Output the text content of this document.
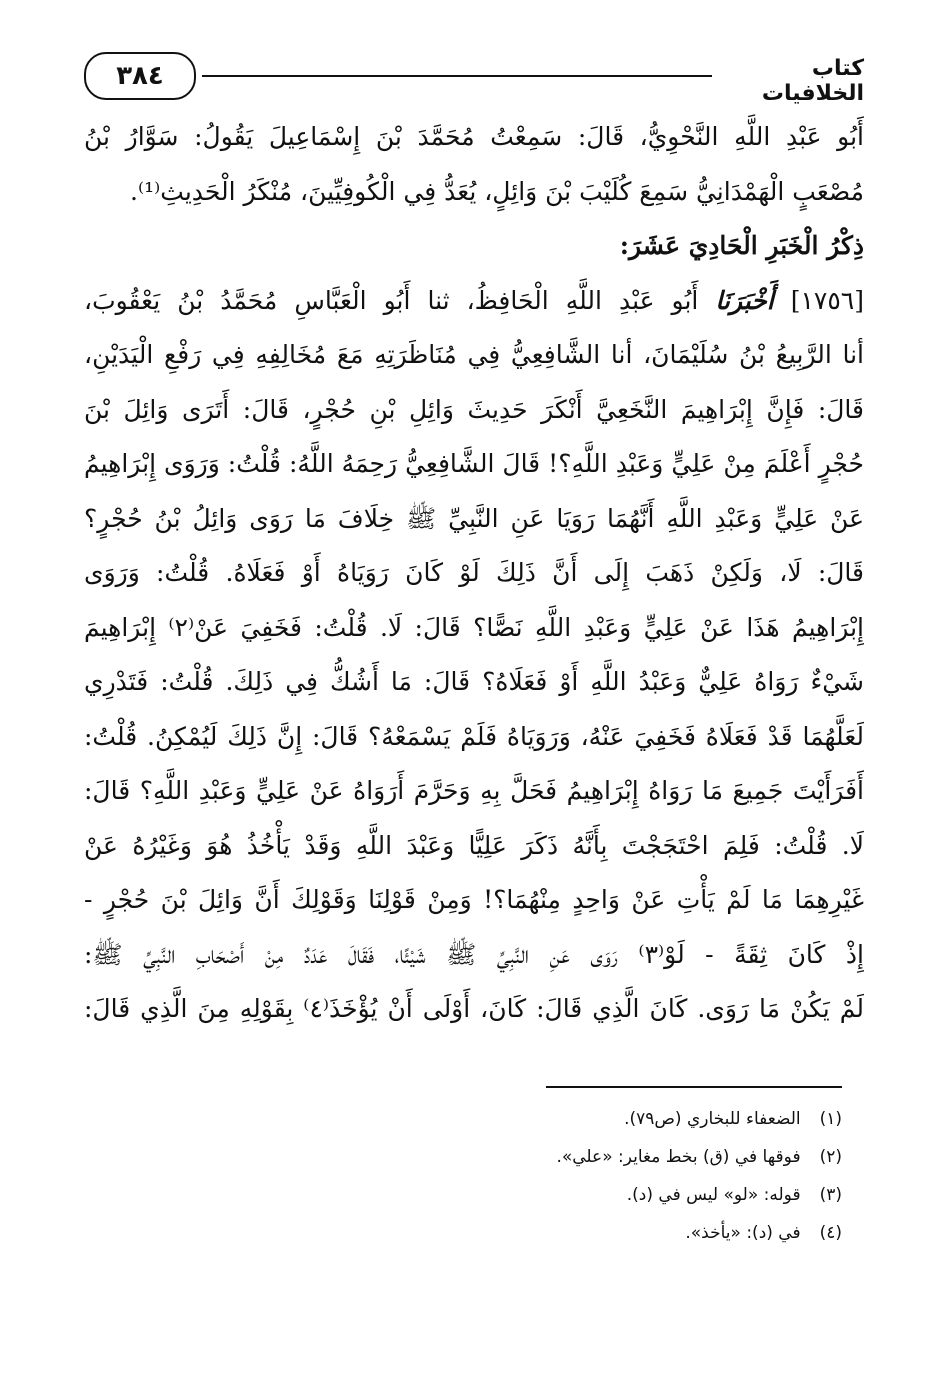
٣٨٤	كتاب الخلافيات
أَبُو عَبْدِ اللَّهِ النَّحْوِيُّ، قَالَ: سَمِعْتُ مُحَمَّدَ بْنَ إِسْمَاعِيلَ يَقُولُ: سَوَّارُ بْنُ
مُصْعَبٍ الْهَمْدَانِيُّ سَمِعَ كُلَيْبَ بْنَ وَائِلٍ، يُعَدُّ فِي الْكُوفِيِّينَ، مُنْكَرُ الْحَدِيثِ⁽¹⁾.
ذِكْرُ الْخَبَرِ الْحَادِيَ عَشَرَ:
[١٧٥٦] أَخْبَرَنَا أَبُو عَبْدِ اللَّهِ الْحَافِظُ، ثنا أَبُو الْعَبَّاسِ مُحَمَّدُ بْنُ يَعْقُوبَ،
أنا الرَّبِيعُ بْنُ سُلَيْمَانَ، أنا الشَّافِعِيُّ فِي مُنَاظَرَتِهِ مَعَ مُخَالِفِهِ فِي رَفْعِ الْيَدَيْنِ،
قَالَ: فَإِنَّ إِبْرَاهِيمَ النَّخَعِيَّ أَنْكَرَ حَدِيثَ وَائِلِ بْنِ حُجْرٍ، قَالَ: أَتَرَى وَائِلَ بْنَ
حُجْرٍ أَعْلَمَ مِنْ عَلِيٍّ وَعَبْدِ اللَّهِ؟! قَالَ الشَّافِعِيُّ رَحِمَهُ اللَّهُ: قُلْتُ: وَرَوَى إِبْرَاهِيمُ
عَنْ عَلِيٍّ وَعَبْدِ اللَّهِ أَنَّهُمَا رَوَيَا عَنِ النَّبِيِّ ﷺ خِلَافَ مَا رَوَى وَائِلُ بْنُ حُجْرٍ؟
قَالَ: لَا، وَلَكِنْ ذَهَبَ إِلَى أَنَّ ذَلِكَ لَوْ كَانَ رَوَيَاهُ أَوْ فَعَلَاهُ. قُلْتُ: وَرَوَى
إِبْرَاهِيمُ هَذَا عَنْ عَلِيٍّ وَعَبْدِ اللَّهِ نَصًّا؟ قَالَ: لَا. قُلْتُ: فَخَفِيَ عَنْ⁽٢⁾ إِبْرَاهِيمَ
شَيْءٌ رَوَاهُ عَلِيٌّ وَعَبْدُ اللَّهِ أَوْ فَعَلَاهُ؟ قَالَ: مَا أَشُكُّ فِي ذَلِكَ. قُلْتُ: فَتَدْرِي
لَعَلَّهُمَا قَدْ فَعَلَاهُ فَخَفِيَ عَنْهُ، وَرَوَيَاهُ فَلَمْ يَسْمَعْهُ؟ قَالَ: إِنَّ ذَلِكَ لَيُمْكِنُ. قُلْتُ:
أَفَرَأَيْتَ جَمِيعَ مَا رَوَاهُ إِبْرَاهِيمُ فَحَلَّ بِهِ وَحَرَّمَ أَرَوَاهُ عَنْ عَلِيٍّ وَعَبْدِ اللَّهِ؟ قَالَ:
لَا. قُلْتُ: فَلِمَ احْتَجَجْتَ بِأَنَّهُ ذَكَرَ عَلِيًّا وَعَبْدَ اللَّهِ وَقَدْ يَأْخُذُ هُوَ وَغَيْرُهُ عَنْ
غَيْرِهِمَا مَا لَمْ يَأْتِ عَنْ وَاحِدٍ مِنْهُمَا؟! وَمِنْ قَوْلِنَا وَقَوْلِكَ أَنَّ وَائِلَ بْنَ حُجْرٍ -
إِذْ كَانَ ثِقَةً - لَوْ⁽٣⁾ رَوَى عَنِ النَّبِيِّ ﷺ شَيْئًا، فَقَالَ عَدَدٌ مِنْ أَصْحَابِ النَّبِيِّ ﷺ:
لَمْ يَكُنْ مَا رَوَى. كَانَ الَّذِي قَالَ: كَانَ، أَوْلَى أَنْ يُؤْخَذَ⁽٤⁾ بِقَوْلِهِ مِنَ الَّذِي قَالَ:
(١) الضعفاء للبخاري (ص٧٩).
(٢) فوقها في (ق) بخط مغاير: «علي».
(٣) قوله: «لو» ليس في (د).
(٤) في (د): «يأخذ».
